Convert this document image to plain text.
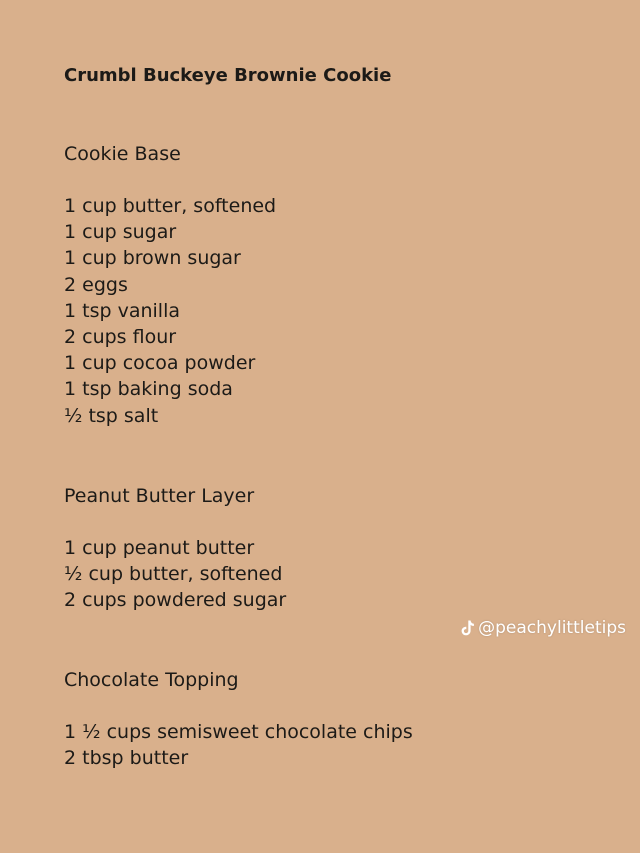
Crumbl Buckeye Brownie Cookie
Cookie Base
1 cup butter, softened
1 cup sugar
1 cup brown sugar
2 eggs
1 tsp vanilla
2 cups flour
1 cup cocoa powder
1 tsp baking soda
½ tsp salt
Peanut Butter Layer
1 cup peanut butter
½ cup butter, softened
2 cups powdered sugar
Chocolate Topping
1 ½ cups semisweet chocolate chips
2 tbsp butter
@peachylittletips
